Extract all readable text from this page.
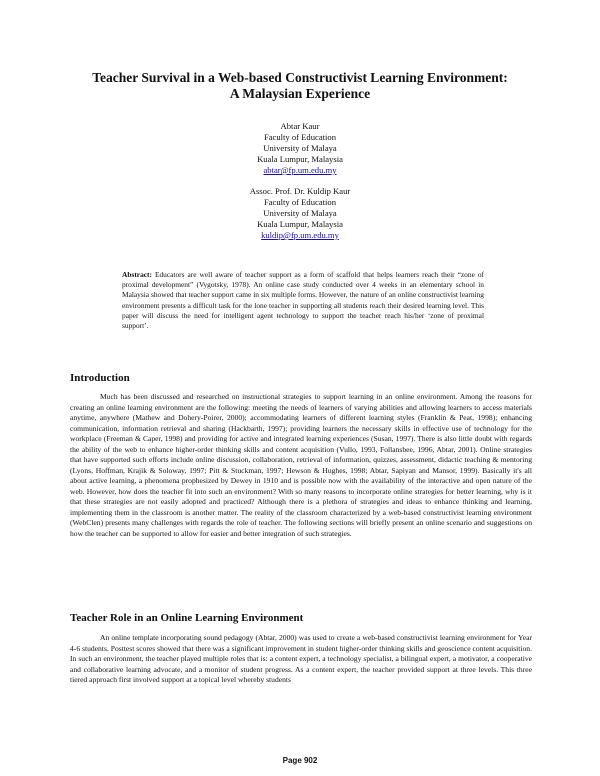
Teacher Survival in a Web-based Constructivist Learning Environment:
A Malaysian Experience
Abtar Kaur
Faculty of Education
University of Malaya
Kuala Lumpur, Malaysia
abtar@fp.um.edu.my
Assoc. Prof. Dr. Kuldip Kaur
Faculty of Education
University of Malaya
Kuala Lumpur, Malaysia
kuldip@fp.um.edu.my
Abstract: Educators are well aware of teacher support as a form of scaffold that helps learners reach their “zone of proximal development” (Vygotsky, 1978). An online case study conducted over 4 weeks in an elementary school in Malaysia showed that teacher support came in six multiple forms. However, the nature of an online constructivist learning environment presents a difficult task for the lone teacher in supporting all students reach their desired learning level. This paper will discuss the need for intelligent agent technology to support the teacher reach his/her ‘zone of proximal support’.
Introduction
Much has been discussed and researched on instructional strategies to support learning in an online environment. Among the reasons for creating an online learning environment are the following: meeting the needs of learners of varying abilities and allowing learners to access materials anytime, anywhere (Mathew and Dohery-Poirer, 2000); accommodating learners of different learning styles (Franklin & Peat, 1998); enhancing communication, information retrieval and sharing (Hackbarth, 1997); providing learners the necessary skills in effective use of technology for the workplace (Freeman & Caper, 1998) and providing for active and integrated learning experiences (Susan, 1997). There is also little doubt with regards the ability of the web to enhance higher-order thinking skills and content acquisition (Vullo, 1993, Follansbee, 1996, Abtar, 2001). Online strategies that have supported such efforts include online discussion, collaboration, retrieval of information, quizzes, assessment, didactic teaching & mentoring (Lyons, Hoffman, Krajik & Soloway, 1997; Pitt & Stuckman, 1997; Hewson & Hughes, 1998; Abtar, Sapiyan and Mansor, 1999). Basically it's all about active learning, a phenomena prophesized by Dewey in 1910 and is possible now with the availability of the interactive and open nature of the web. However, how does the teacher fit into such an environment? With so many reasons to incorporate online strategies for better learning, why is it that these strategies are not easily adopted and practiced? Although there is a plethora of strategies and ideas to enhance thinking and learning, implementing them in the classroom is another matter. The reality of the classroom characterized by a web-based constructivist learning environment (WebClen) presents many challenges with regards the role of teacher. The following sections will briefly present an online scenario and suggestions on how the teacher can be supported to allow for easier and better integration of such strategies.
Teacher Role in an Online Learning Environment
An online template incorporating sound pedagogy (Abtar, 2000) was used to create a web-based constructivist learning environment for Year 4-6 students. Posttest scores showed that there was a significant improvement in student higher-order thinking skills and geoscience content acquisition. In such an environment, the teacher played multiple roles that is: a content expert, a technology specialist, a bilingual expert, a motivator, a cooperative and collaborative learning advocate, and a monitor of student progress. As a content expert, the teacher provided support at three levels. This three tiered approach first involved support at a topical level whereby students
Page 902
